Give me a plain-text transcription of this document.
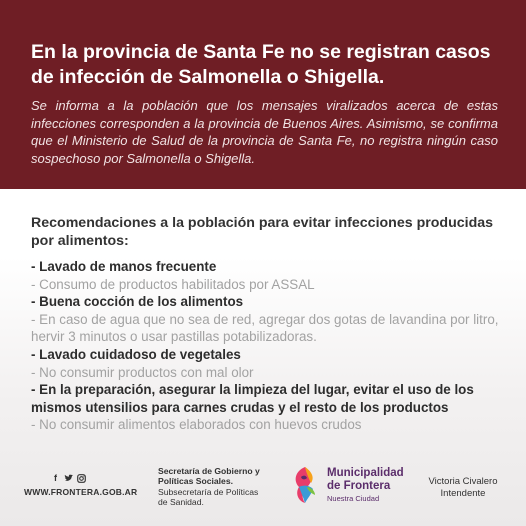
En la provincia de Santa Fe no se registran casos de infección de Salmonella o Shigella.

Se informa a la población que los mensajes viralizados acerca de estas infecciones corresponden a la provincia de Buenos Aires. Asimismo, se confirma que el Ministerio de Salud de la provincia de Santa Fe, no registra ningún caso sospechoso por Salmonella o Shigella.

Recomendaciones a la población para evitar infecciones producidas por alimentos:

- Lavado de manos frecuente

- Consumo de productos habilitados por ASSAL

- Buena cocción de los alimentos

- En caso de agua que no sea de red, agregar dos gotas de lavandina por litro, hervir 3 minutos o usar pastillas potabilizadoras.

- Lavado cuidadoso de vegetales

- No consumir productos con mal olor

- En la preparación, asegurar la limpieza del lugar, evitar el uso de los mismos utensilios para carnes crudas y el resto de los productos

- No consumir alimentos elaborados con huevos crudos

f
WWW.FRONTERA.GOB.AR
Secretaría de Gobierno y Políticas Sociales.
Subsecretaría de Políticas de Sanidad.
Municipalidad
de Frontera
Nuestra Ciudad
Victoria Civalero
Intendente
